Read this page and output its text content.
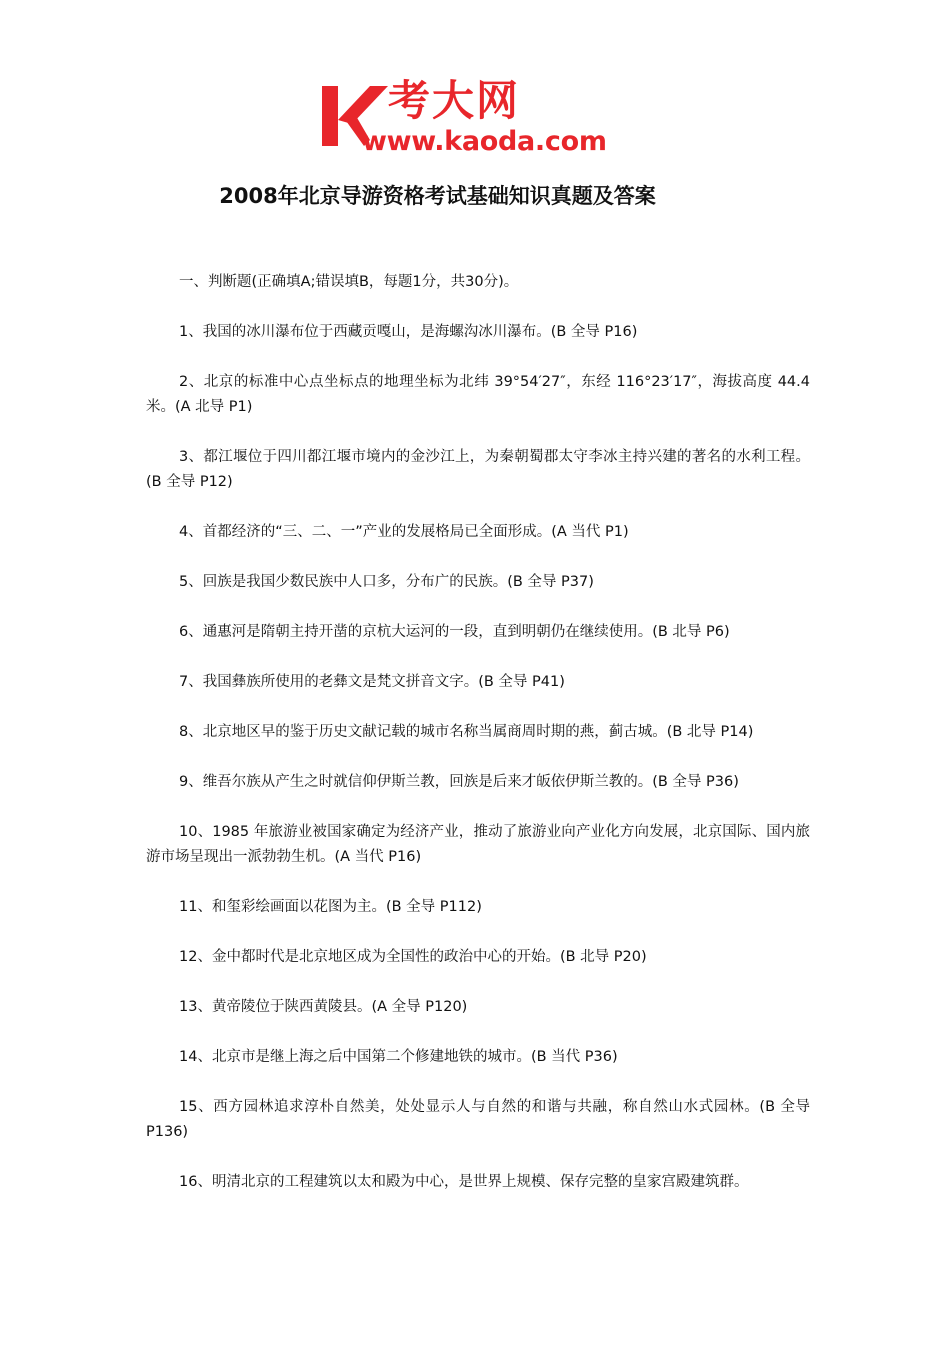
考大网
www.kaoda.com
2008年北京导游资格考试基础知识真题及答案

一、判断题(正确填A;错误填B，每题1分，共30分)。

1、我国的冰川瀑布位于西藏贡嘎山，是海螺沟冰川瀑布。(B 全导 P16)

2、北京的标准中心点坐标点的地理坐标为北纬 39°54′27″，东经 116°23′17″，海拔高度 44.4 米。(A 北导 P1)

3、都江堰位于四川都江堰市境内的金沙江上，为秦朝蜀郡太守李冰主持兴建的著名的水利工程。(B 全导 P12)

4、首都经济的“三、二、一”产业的发展格局已全面形成。(A 当代 P1)

5、回族是我国少数民族中人口多，分布广的民族。(B 全导 P37)

6、通惠河是隋朝主持开凿的京杭大运河的一段，直到明朝仍在继续使用。(B 北导 P6)

7、我国彝族所使用的老彝文是梵文拼音文字。(B 全导 P41)

8、北京地区早的鉴于历史文献记载的城市名称当属商周时期的燕，蓟古城。(B 北导 P14)

9、维吾尔族从产生之时就信仰伊斯兰教，回族是后来才皈依伊斯兰教的。(B 全导 P36)

10、1985 年旅游业被国家确定为经济产业，推动了旅游业向产业化方向发展，北京国际、国内旅游市场呈现出一派勃勃生机。(A 当代 P16)

11、和玺彩绘画面以花图为主。(B 全导 P112)

12、金中都时代是北京地区成为全国性的政治中心的开始。(B 北导 P20)

13、黄帝陵位于陕西黄陵县。(A 全导 P120)

14、北京市是继上海之后中国第二个修建地铁的城市。(B 当代 P36)

15、西方园林追求淳朴自然美，处处显示人与自然的和谐与共融，称自然山水式园林。(B 全导 P136)

16、明清北京的工程建筑以太和殿为中心，是世界上规模、保存完整的皇家宫殿建筑群。
